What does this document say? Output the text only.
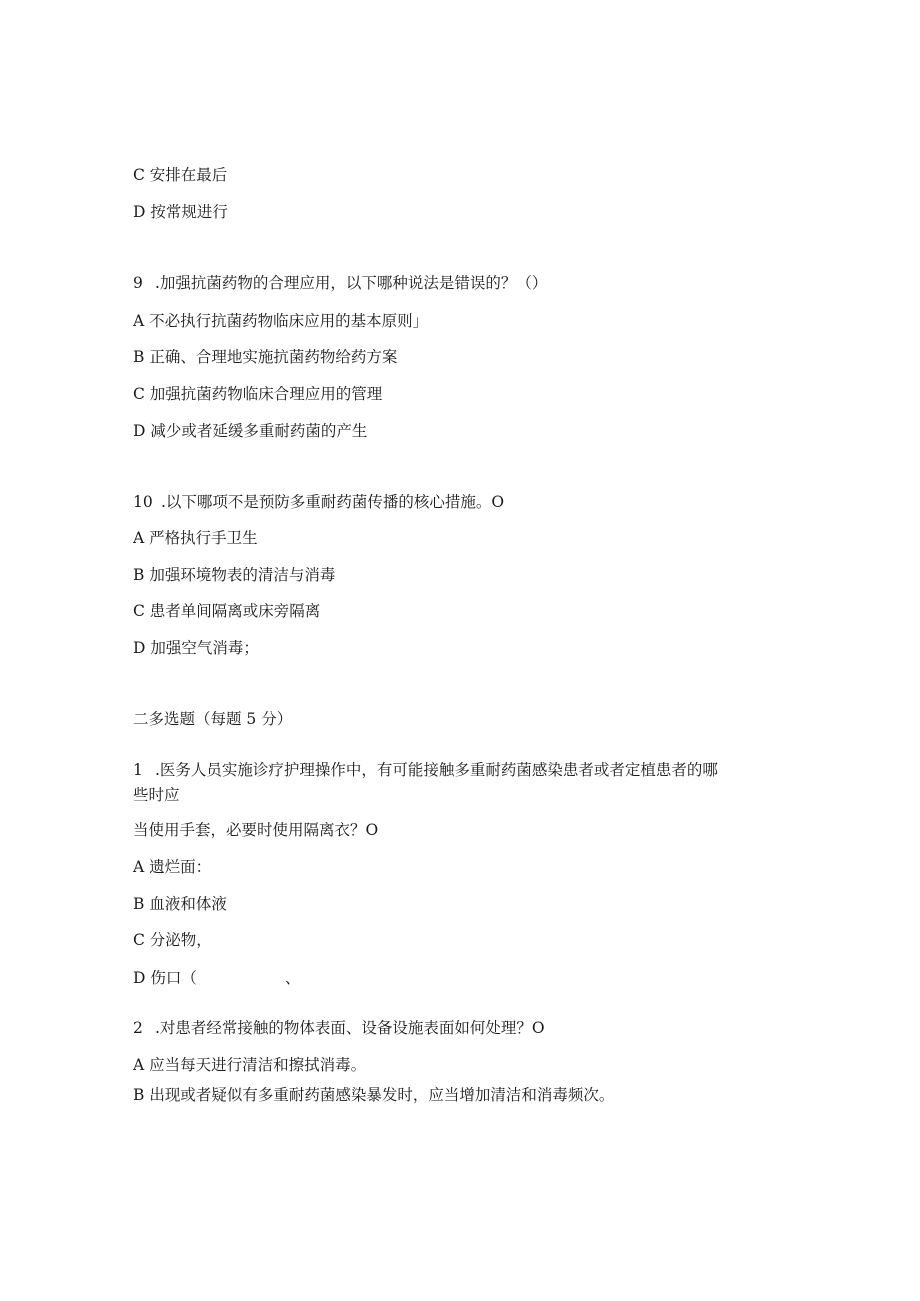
C 安排在最后
D 按常规进行
9 .加强抗菌药物的合理应用，以下哪种说法是错误的？（）
A 不必执行抗菌药物临床应用的基本原则」
B 正确、合理地实施抗菌药物给药方案
C 加强抗菌药物临床合理应用的管理
D 减少或者延缓多重耐药菌的产生
10 .以下哪项不是预防多重耐药菌传播的核心措施。O
A 严格执行手卫生
B 加强环境物表的清洁与消毒
C 患者单间隔离或床旁隔离
D 加强空气消毒；
二多选题（每题 5 分）
1 .医务人员实施诊疗护理操作中，有可能接触多重耐药菌感染患者或者定植患者的哪
些时应
当使用手套，必要时使用隔离衣？O
A 遗烂面：
B 血液和体液
C 分泌物，
D 伤口（	、
2 .对患者经常接触的物体表面、设备设施表面如何处理？O
A 应当每天进行清洁和擦拭消毒。
B 出现或者疑似有多重耐药菌感染暴发时，应当增加清洁和消毒频次。
